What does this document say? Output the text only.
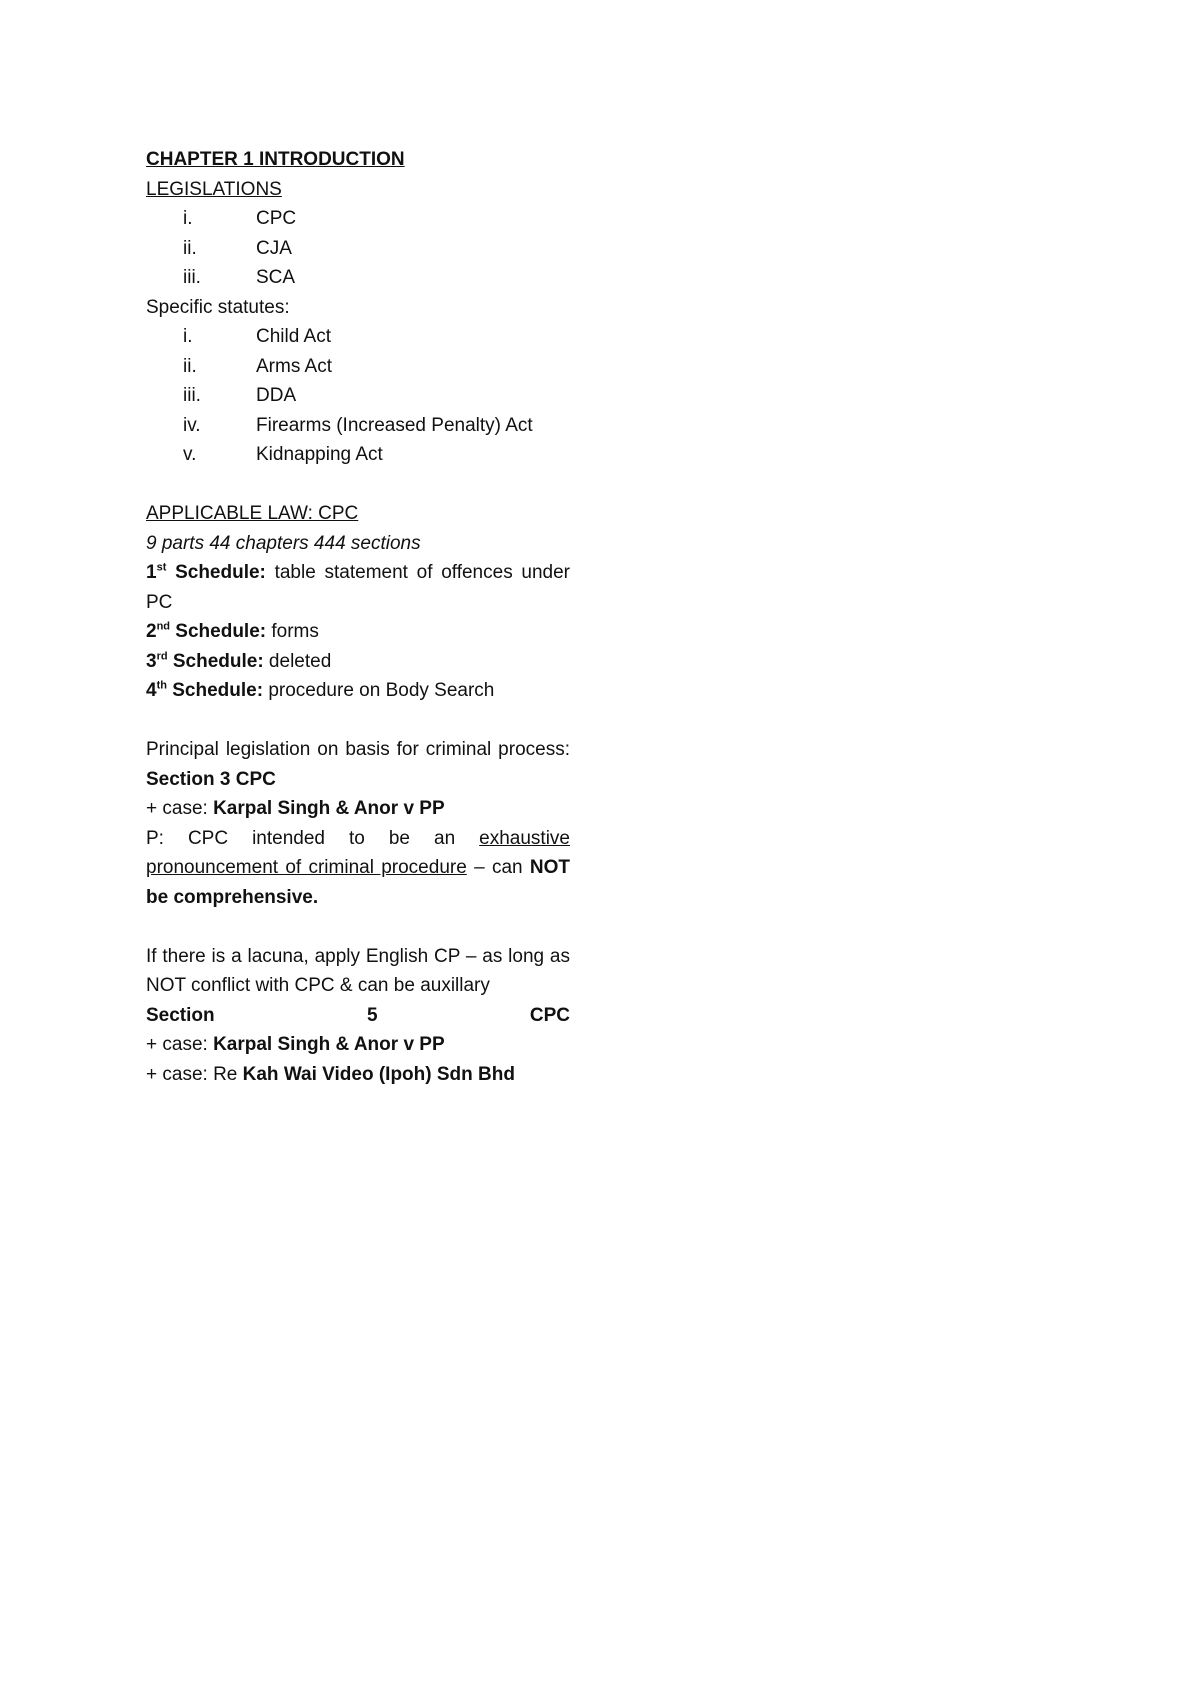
CHAPTER 1 INTRODUCTION
LEGISLATIONS
i.	CPC
ii.	CJA
iii.	SCA
Specific statutes:
i.	Child Act
ii.	Arms Act
iii.	DDA
iv.	Firearms (Increased Penalty) Act
v.	Kidnapping Act
APPLICABLE LAW: CPC
9 parts 44 chapters 444 sections
1st Schedule: table statement of offences under PC
2nd Schedule: forms
3rd Schedule: deleted
4th Schedule: procedure on Body Search
Principal legislation on basis for criminal process: Section 3 CPC
+ case: Karpal Singh & Anor v PP
P: CPC intended to be an exhaustive pronouncement of criminal procedure – can NOT be comprehensive.
If there is a lacuna, apply English CP – as long as NOT conflict with CPC & can be auxillary
Section	5	CPC
+ case: Karpal Singh & Anor v PP
+ case: Re Kah Wai Video (Ipoh) Sdn Bhd
